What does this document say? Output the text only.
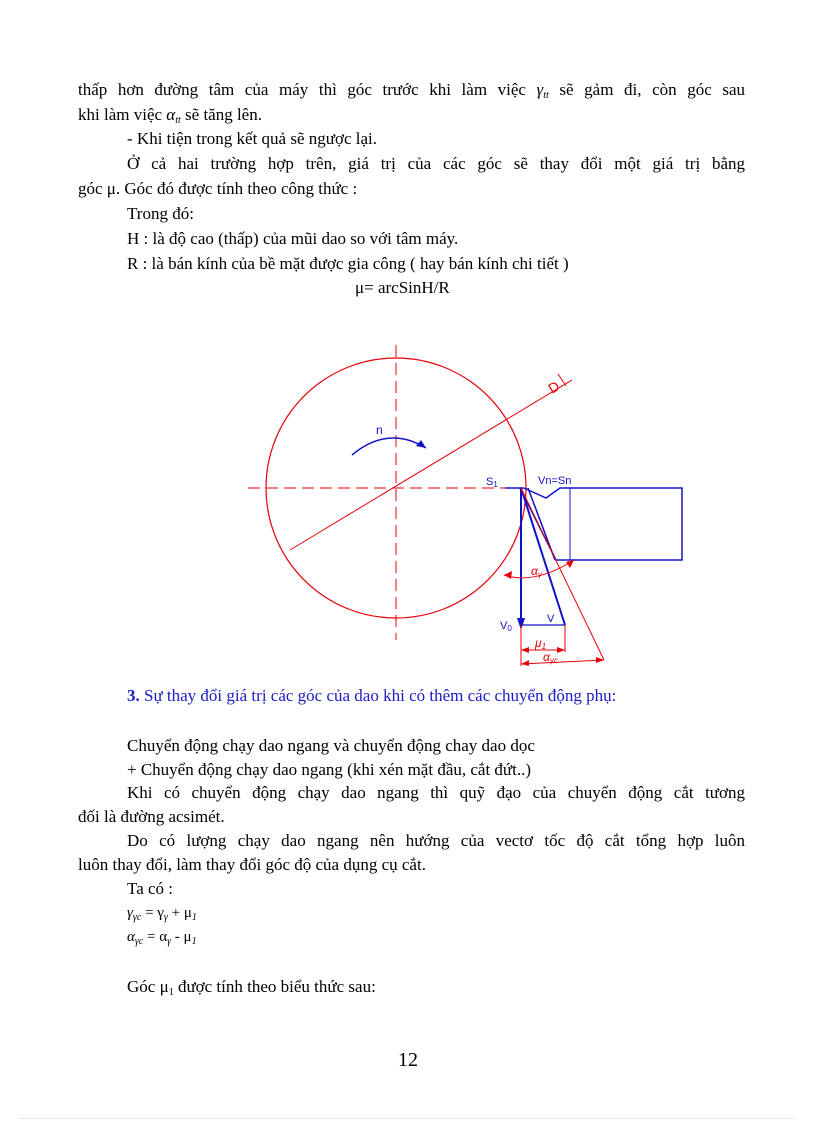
thấp hơn đường tâm của máy thì góc trước khi làm việc $\gamma_{tt}$ sẽ gảm đi, còn góc sau
khi làm việc $\alpha_{tt}$ sẽ tăng lên.
- Khi tiện trong kết quả sẽ ngược lại.
Ở cả hai trường hợp trên, giá trị của các góc sẽ thay đổi một giá trị bằng
góc μ. Góc đó được tính theo công thức :
Trong đó:
H : là độ cao (thấp) của mũi dao so với tâm máy.
R : là bán kính của bề mặt được gia công ( hay bán kính chi tiết )
μ= arcSinH/R
D
n
S1	Vn=Sn
V0
V
αγ
μ1
αγc
3. Sự thay đổi giá trị các góc của dao khi có thêm các chuyển động phụ:
Chuyển động chạy dao ngang và chuyển động chay dao dọc
+ Chuyển động chạy dao ngang (khi xén mặt đầu, cắt đứt..)
Khi có chuyển động chạy dao ngang thì quỹ đạo của chuyển động cắt tương
đối là đường acsimét.
Do có lượng chạy dao ngang nên hướng của vectơ tốc độ cắt tổng hợp luôn
luôn thay đổi, làm thay đổi góc độ của dụng cụ cắt.
Ta có :
$\gamma_{\gamma c} = \gamma_\gamma + \mu_1$
$\alpha_{\gamma c} = \alpha_\gamma - \mu_1$
Góc $\mu_1$ được tính theo biểu thức sau:
12
